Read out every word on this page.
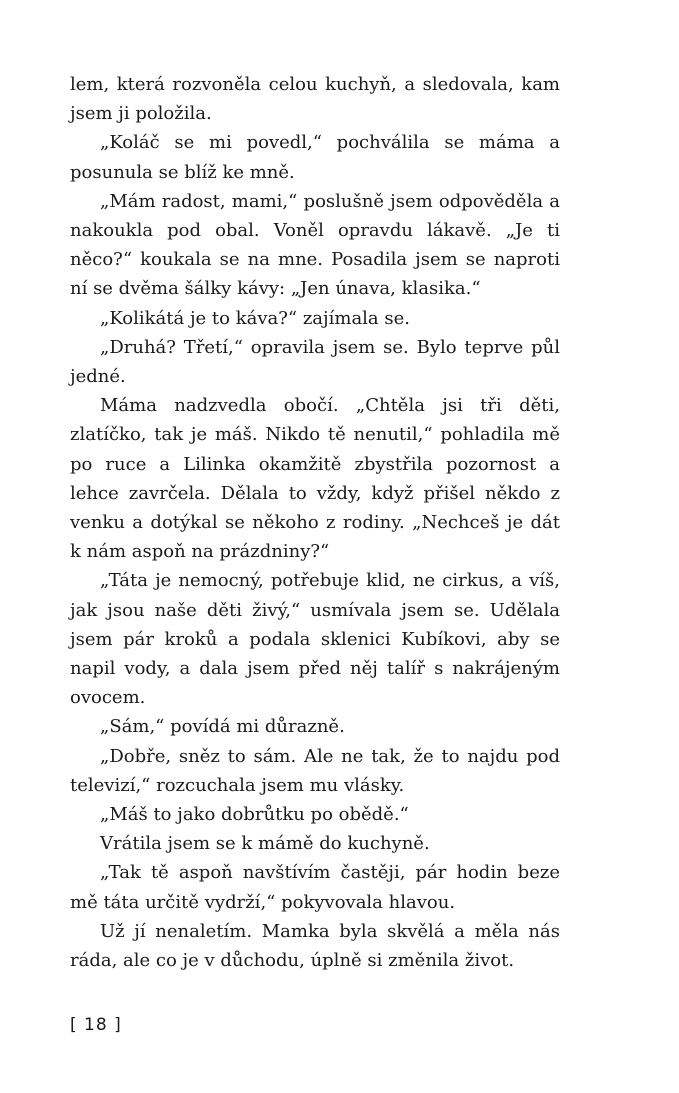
lem, která rozvoněla celou kuchyň, a sledovala, kam jsem ji položila.

„Koláč se mi povedl,“ pochválila se máma a posunula se blíž ke mně.

„Mám radost, mami,“ poslušně jsem odpověděla a nakoukla pod obal. Voněl opravdu lákavě. „Je ti něco?“ koukala se na mne. Posadila jsem se naproti ní se dvěma šálky kávy: „Jen únava, klasika.“

„Kolikátá je to káva?“ zajímala se.

„Druhá? Třetí,“ opravila jsem se. Bylo teprve půl jedné.

Máma nadzvedla obočí. „Chtěla jsi tři děti, zlatíčko, tak je máš. Nikdo tě nenutil,“ pohladila mě po ruce a Lilinka okamžitě zbystřila pozornost a lehce zavrčela. Dělala to vždy, když přišel někdo z venku a dotýkal se někoho z rodiny. „Nechceš je dát k nám aspoň na prázdniny?“

„Táta je nemocný, potřebuje klid, ne cirkus, a víš, jak jsou naše děti živý,“ usmívala jsem se. Udělala jsem pár kroků a podala sklenici Kubíkovi, aby se napil vody, a dala jsem před něj talíř s nakrájeným ovocem.

„Sám,“ povídá mi důrazně.

„Dobře, sněz to sám. Ale ne tak, že to najdu pod televizí,“ rozcuchala jsem mu vlásky.

„Máš to jako dobrůtku po obědě.“

Vrátila jsem se k mámě do kuchyně.

„Tak tě aspoň navštívím častěji, pár hodin beze mě táta určitě vydrží,“ pokyvovala hlavou.

Už jí nenaletím. Mamka byla skvělá a měla nás ráda, ale co je v důchodu, úplně si změnila život.

[ 18 ]
